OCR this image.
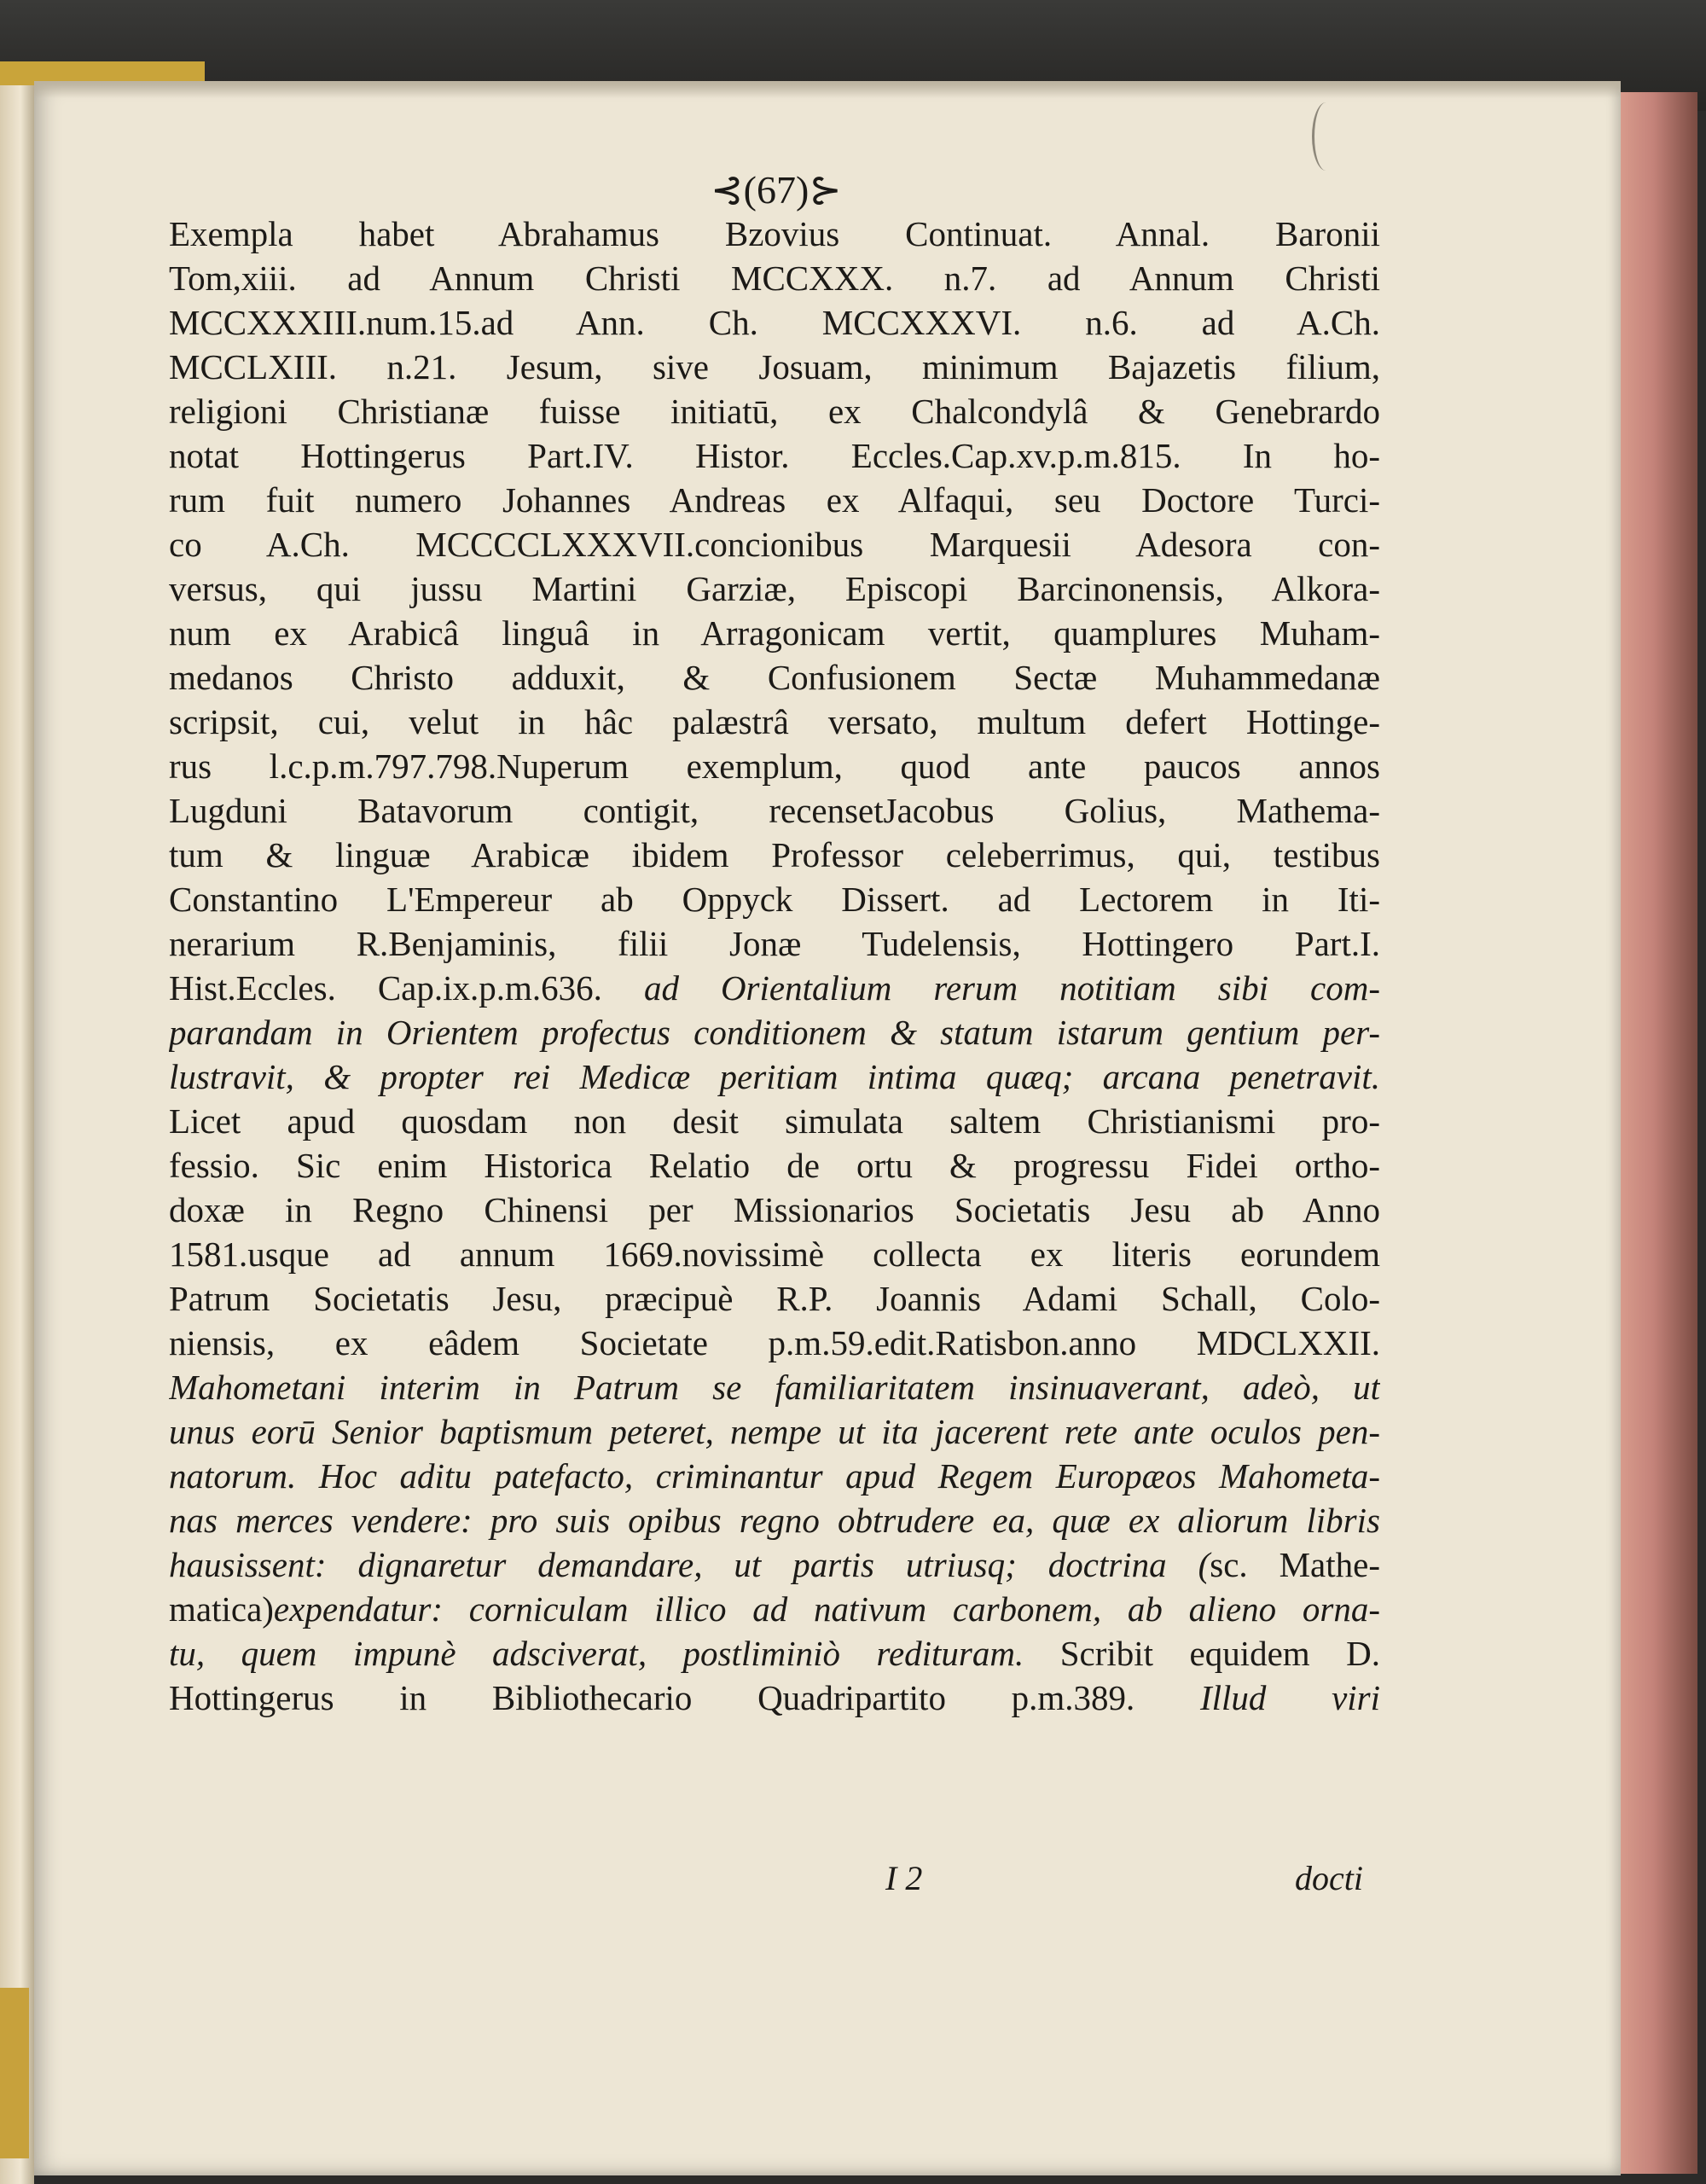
⊰(67)⊱
Exempla habet Abrahamus Bzovius Continuat. Annal. Baronii
Tom,xiii. ad Annum Christi MCCXXX. n.7. ad Annum Christi
MCCXXXIII.num.15.ad Ann. Ch. MCCXXXVI. n.6. ad A.Ch.
MCCLXIII. n.21. Jesum, sive Josuam, minimum Bajazetis filium,
religioni Christianæ fuisse initiatū, ex Chalcondylâ & Genebrardo
notat Hottingerus Part.IV. Histor. Eccles.Cap.xv.p.m.815. In ho-
rum fuit numero Johannes Andreas ex Alfaqui, seu Doctore Turci-
co A.Ch. MCCCCLXXXVII.concionibus Marquesii Adesora con-
versus, qui jussu Martini Garziæ, Episcopi Barcinonensis, Alkora-
num ex Arabicâ linguâ in Arragonicam vertit, quamplures Muham-
medanos Christo adduxit, & Confusionem Sectæ Muhammedanæ
scripsit, cui, velut in hâc palæstrâ versato, multum defert Hottinge-
rus l.c.p.m.797.798.Nuperum exemplum, quod ante paucos annos
Lugduni Batavorum contigit, recensetJacobus Golius, Mathema-
tum & linguæ Arabicæ ibidem Professor celeberrimus, qui, testibus
Constantino L'Empereur ab Oppyck Dissert. ad Lectorem in Iti-
nerarium R.Benjaminis, filii Jonæ Tudelensis, Hottingero Part.I.
Hist.Eccles. Cap.ix.p.m.636. ad Orientalium rerum notitiam sibi com-
parandam in Orientem profectus conditionem & statum istarum gentium per-
lustravit, & propter rei Medicæ peritiam intima quæq; arcana penetravit.
Licet apud quosdam non desit simulata saltem Christianismi pro-
fessio. Sic enim Historica Relatio de ortu & progressu Fidei ortho-
doxæ in Regno Chinensi per Missionarios Societatis Jesu ab Anno
1581.usque ad annum 1669.novissimè collecta ex literis eorundem
Patrum Societatis Jesu, præcipuè R.P. Joannis Adami Schall, Colo-
niensis, ex eâdem Societate p.m.59.edit.Ratisbon.anno MDCLXXII.
Mahometani interim in Patrum se familiaritatem insinuaverant, adeò, ut
unus eorū Senior baptismum peteret, nempe ut ita jacerent rete ante oculos pen-
natorum. Hoc aditu patefacto, criminantur apud Regem Europæos Mahometa-
nas merces vendere: pro suis opibus regno obtrudere ea, quæ ex aliorum libris
hausissent: dignaretur demandare, ut partis utriusq; doctrina (sc. Mathe-
matica)expendatur: corniculam illico ad nativum carbonem, ab alieno orna-
tu, quem impunè adsciverat, postliminiò redituram. Scribit equidem D.
Hottingerus in Bibliothecario Quadripartito p.m.389. Illud viri
I 2	docti
